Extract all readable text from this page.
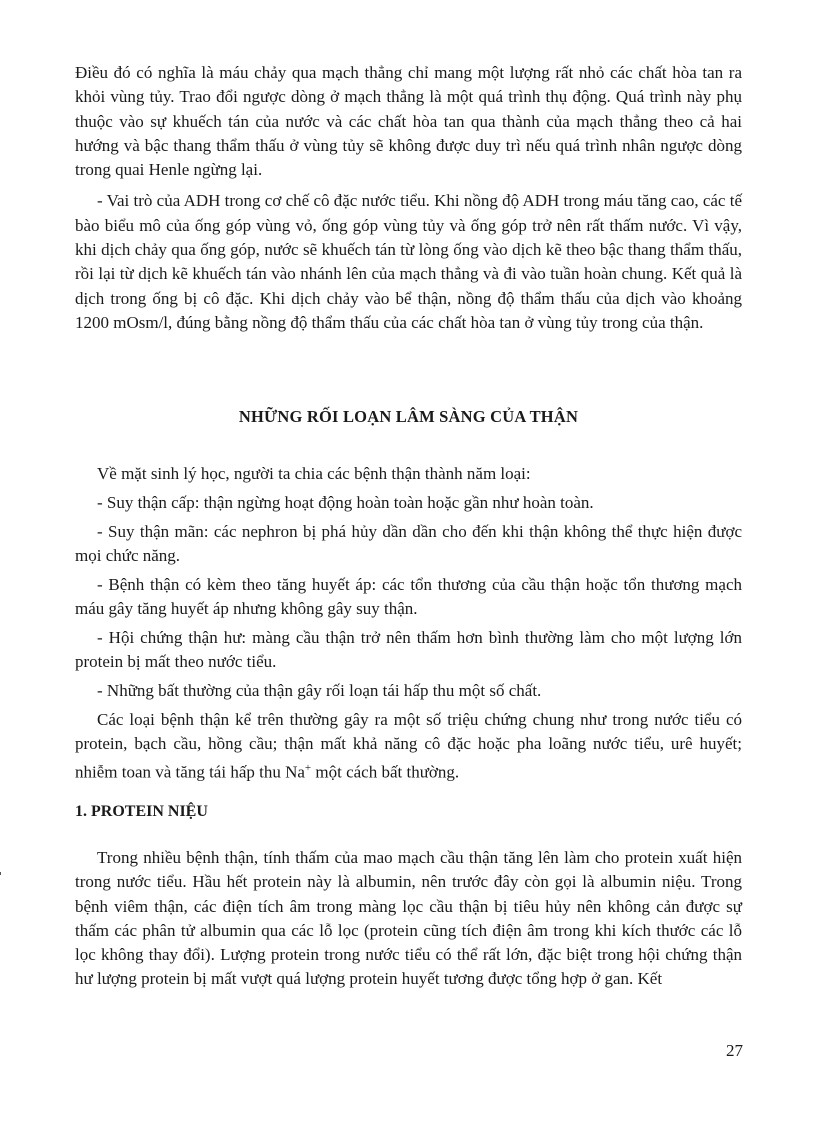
Điều đó có nghĩa là máu chảy qua mạch thẳng chỉ mang một lượng rất nhỏ các chất hòa tan ra khỏi vùng tủy. Trao đổi ngược dòng ở mạch thẳng là một quá trình thụ động. Quá trình này phụ thuộc vào sự khuếch tán của nước và các chất hòa tan qua thành của mạch thẳng theo cả hai hướng và bậc thang thẩm thấu ở vùng tủy sẽ không được duy trì nếu quá trình nhân ngược dòng trong quai Henle ngừng lại.

- Vai trò của ADH trong cơ chế cô đặc nước tiểu. Khi nồng độ ADH trong máu tăng cao, các tế bào biểu mô của ống góp vùng vỏ, ống góp vùng tủy và ống góp trở nên rất thấm nước. Vì vậy, khi dịch chảy qua ống góp, nước sẽ khuếch tán từ lòng ống vào dịch kẽ theo bậc thang thẩm thấu, rồi lại từ dịch kẽ khuếch tán vào nhánh lên của mạch thẳng và đi vào tuần hoàn chung. Kết quả là dịch trong ống bị cô đặc. Khi dịch chảy vào bể thận, nồng độ thẩm thấu của dịch vào khoảng 1200 mOsm/l, đúng bằng nồng độ thẩm thấu của các chất hòa tan ở vùng tủy trong của thận.

NHỮNG RỐI LOẠN LÂM SÀNG CỦA THẬN

Về mặt sinh lý học, người ta chia các bệnh thận thành năm loại:

- Suy thận cấp: thận ngừng hoạt động hoàn toàn hoặc gần như hoàn toàn.

- Suy thận mãn: các nephron bị phá hủy dần dần cho đến khi thận không thể thực hiện được mọi chức năng.

- Bệnh thận có kèm theo tăng huyết áp: các tổn thương của cầu thận hoặc tổn thương mạch máu gây tăng huyết áp nhưng không gây suy thận.

- Hội chứng thận hư: màng cầu thận trở nên thấm hơn bình thường làm cho một lượng lớn protein bị mất theo nước tiểu.

- Những bất thường của thận gây rối loạn tái hấp thu một số chất.

Các loại bệnh thận kể trên thường gây ra một số triệu chứng chung như trong nước tiểu có protein, bạch cầu, hồng cầu; thận mất khả năng cô đặc hoặc pha loãng nước tiểu, urê huyết; nhiễm toan và tăng tái hấp thu Na+ một cách bất thường.

1. PROTEIN NIỆU

Trong nhiều bệnh thận, tính thấm của mao mạch cầu thận tăng lên làm cho protein xuất hiện trong nước tiểu. Hầu hết protein này là albumin, nên trước đây còn gọi là albumin niệu. Trong bệnh viêm thận, các điện tích âm trong màng lọc cầu thận bị tiêu hủy nên không cản được sự thấm các phân tử albumin qua các lỗ lọc (protein cũng tích điện âm trong khi kích thước các lỗ lọc không thay đổi). Lượng protein trong nước tiểu có thể rất lớn, đặc biệt trong hội chứng thận hư lượng protein bị mất vượt quá lượng protein huyết tương được tổng hợp ở gan. Kết

27
